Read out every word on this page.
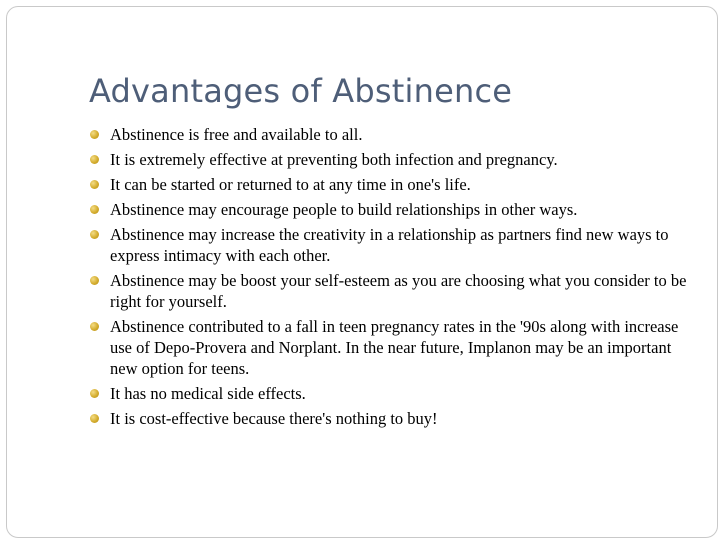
Advantages of Abstinence
Abstinence is free and available to all.
It is extremely effective at preventing both infection and pregnancy.
It can be started or returned to at any time in one's life.
Abstinence may encourage people to build relationships in other ways.
Abstinence may increase the creativity in a relationship as partners find new ways to express intimacy with each other.
Abstinence may be boost your self-esteem as you are choosing what you consider to be right for yourself.
Abstinence contributed to a fall in teen pregnancy rates in the '90s along with increase use of Depo-Provera and Norplant. In the near future, Implanon may be an important new option for teens.
It has no medical side effects.
It is cost-effective because there's nothing to buy!
